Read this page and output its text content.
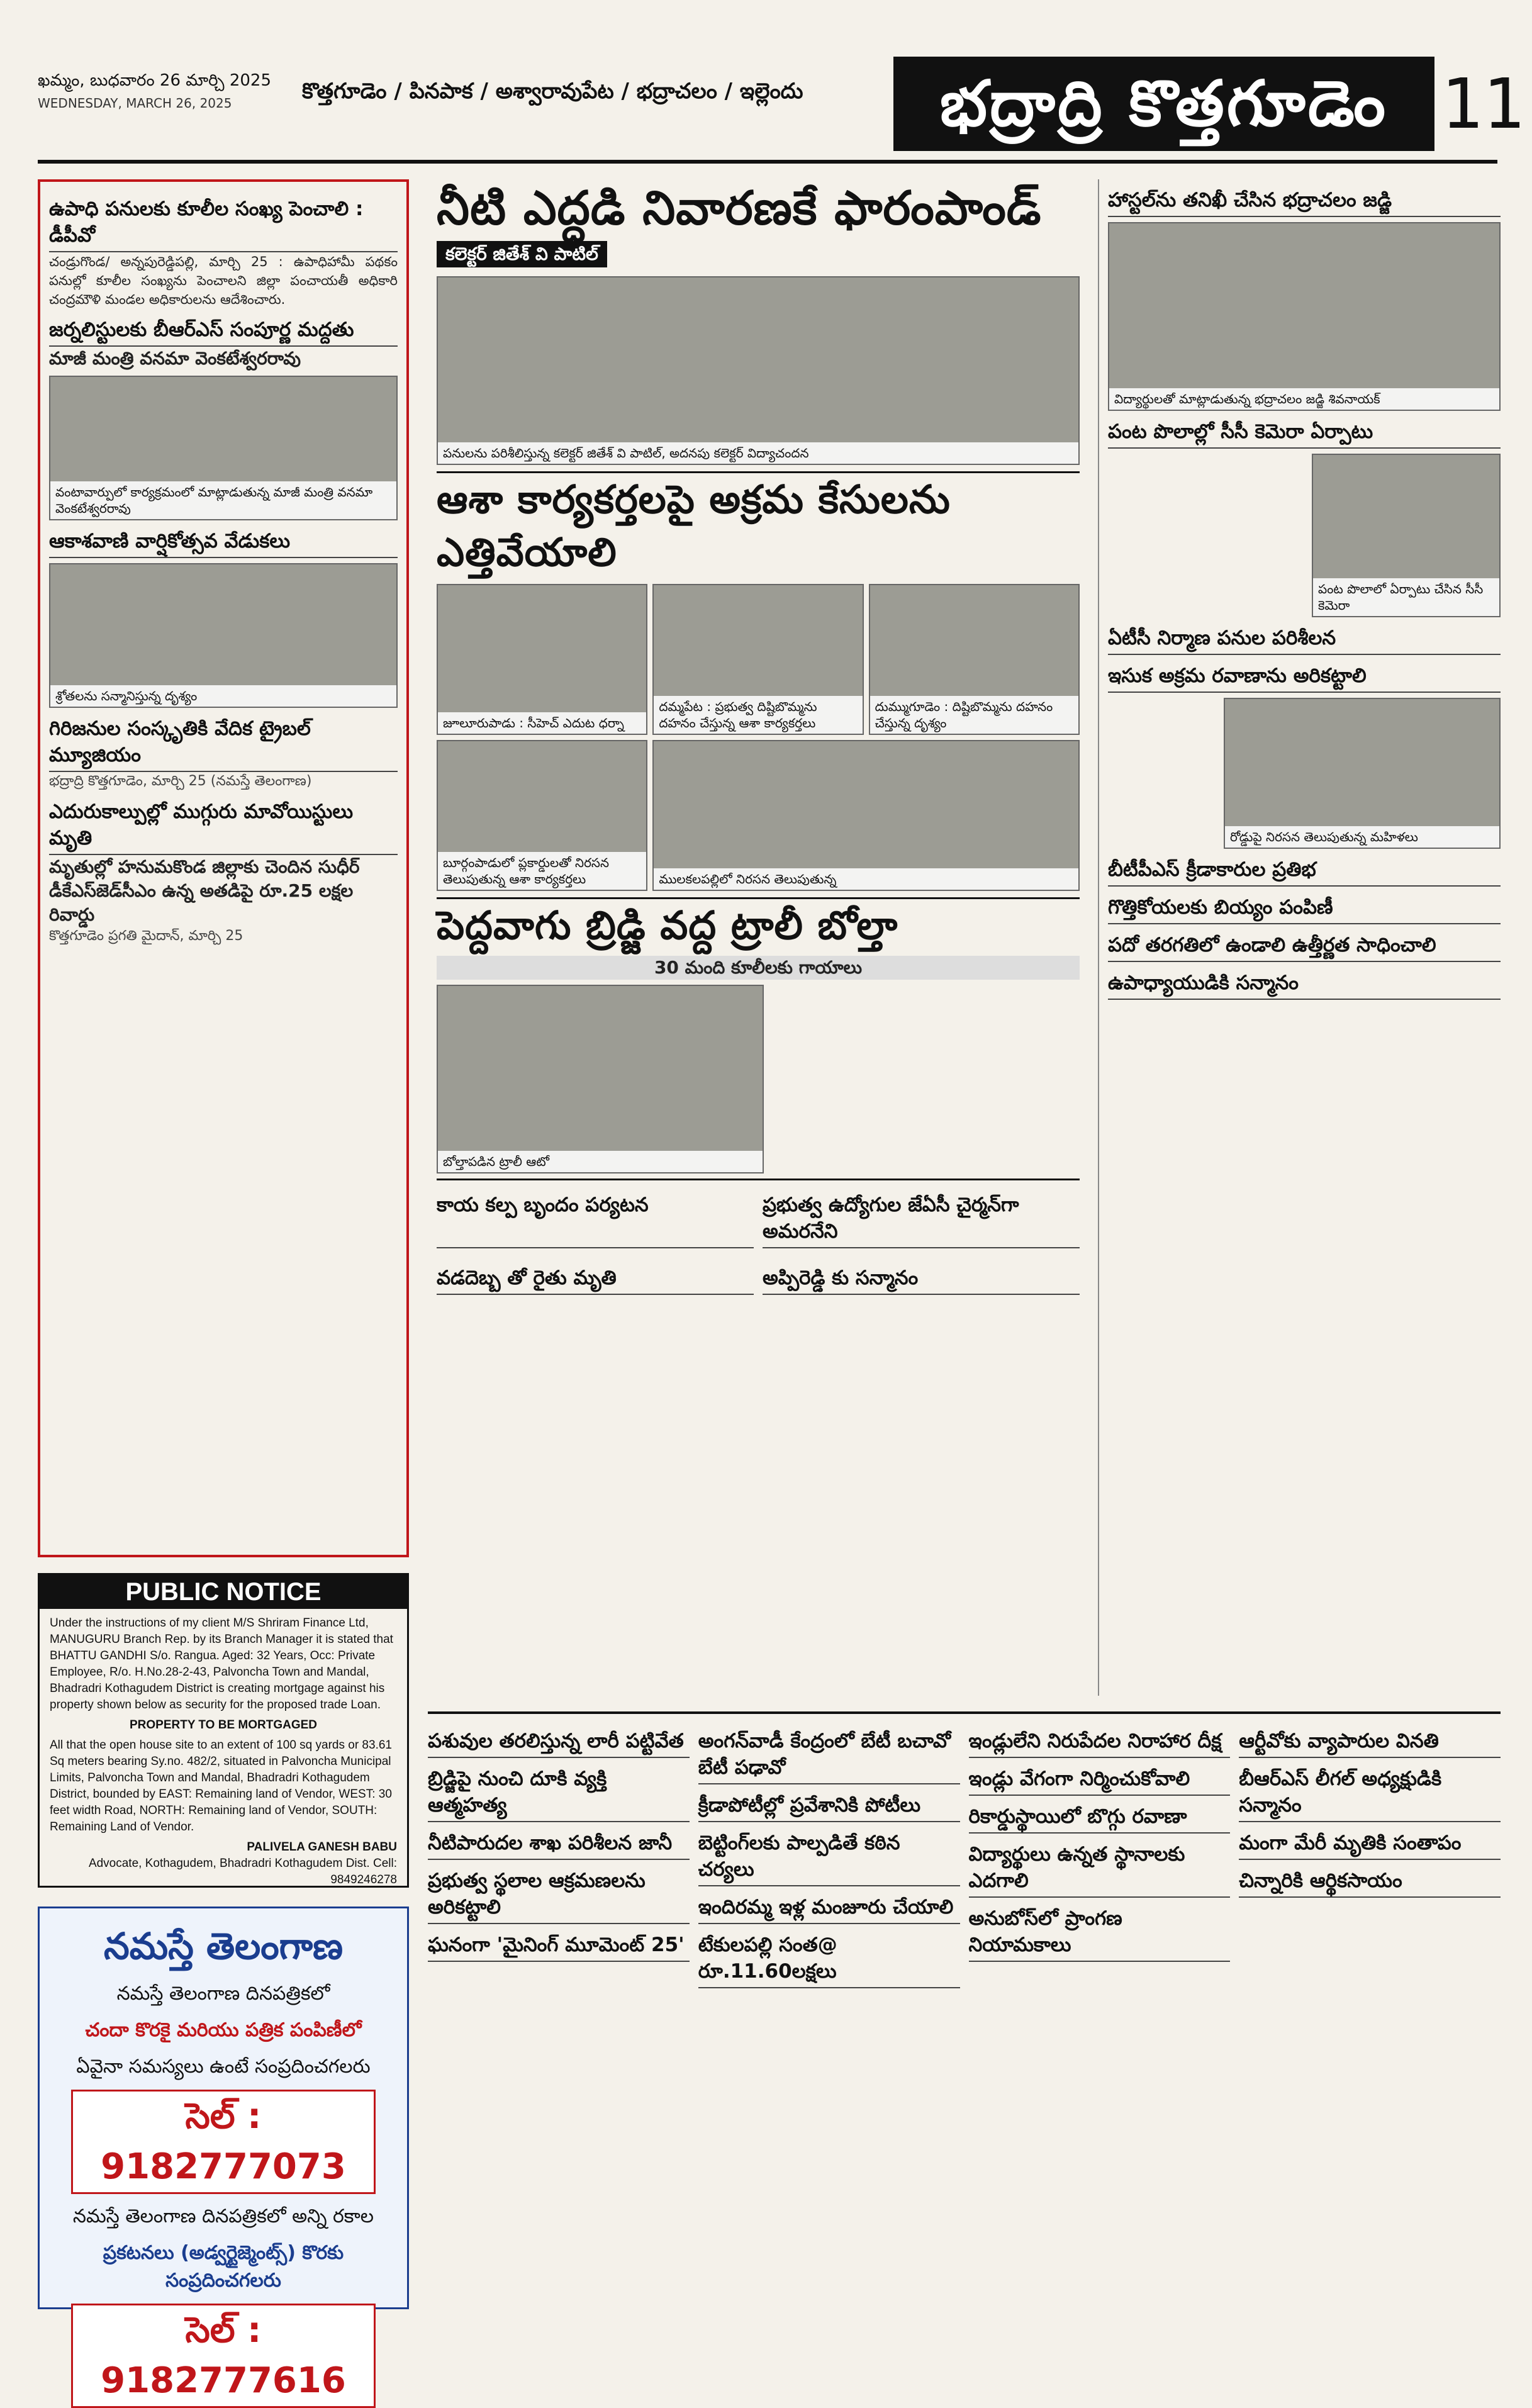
ఖమ్మం, బుధవారం 26 మార్చి 2025
WEDNESDAY, MARCH 26, 2025	కొత్తగూడెం / పినపాక / అశ్వారావుపేట / భద్రాచలం / ఇల్లెందు	భద్రాద్రి కొత్తగూడెం 11
ఉపాధి పనులకు కూలీల సంఖ్య పెంచాలి : డీపీవో

చండ్రుగొండ/ అన్నపురెడ్డిపల్లి, మార్చి 25 : ఉపాధిహామీ పథకం పనుల్లో కూలీల సంఖ్యను పెంచాలని జిల్లా పంచాయతీ అధికారి చంద్రమౌళి మండల అధికారులను ఆదేశించారు.

జర్నలిస్టులకు బీఆర్ఎస్ సంపూర్ణ మద్దతు
మాజీ మంత్రి వనమా వెంకటేశ్వరరావు
వంటావార్పులో కార్యక్రమంలో మాట్లాడుతున్న మాజీ మంత్రి వనమా వెంకటేశ్వరరావు
ఆకాశవాణి వార్షికోత్సవ వేడుకలు
శ్రోతలను సన్మానిస్తున్న దృశ్యం
గిరిజనుల సంస్కృతికి వేదిక ట్రైబల్ మ్యూజియం
భద్రాద్రి కొత్తగూడెం, మార్చి 25 (నమస్తే తెలంగాణ)
ఎదురుకాల్పుల్లో ముగ్గురు మావోయిస్టులు మృతి
మృతుల్లో హనుమకొండ జిల్లాకు చెందిన సుధీర్
డీకేఎస్‌జెడ్‌సీఎం ఉన్న అతడిపై రూ.25 లక్షల రివార్డు
కొత్తగూడెం ప్రగతి మైదాన్, మార్చి 25
PUBLIC NOTICE

Under the instructions of my client M/S Shriram Finance Ltd, MANUGURU Branch Rep. by its Branch Manager it is stated that BHATTU GANDHI S/o. Rangua. Aged: 32 Years, Occ: Private Employee, R/o. H.No.28-2-43, Palvoncha Town and Mandal, Bhadradri Kothagudem District is creating mortgage against his property shown below as security for the proposed trade Loan.

PROPERTY TO BE MORTGAGED

All that the open house site to an extent of 100 sq yards or 83.61 Sq meters bearing Sy.no. 482/2, situated in Palvoncha Municipal Limits, Palvoncha Town and Mandal, Bhadradri Kothagudem District, bounded by EAST: Remaining land of Vendor, WEST: 30 feet width Road, NORTH: Remaining land of Vendor, SOUTH: Remaining Land of Vendor.

PALIVELA GANESH BABU

Advocate, Kothagudem, Bhadradri Kothagudem Dist. Cell: 9849246278

నమస్తే తెలంగాణ
నమస్తే తెలంగాణ దినపత్రికలో
చందా కొరకై మరియు పత్రిక పంపిణీలో
ఏవైనా సమస్యలు ఉంటే సంప్రదించగలరు
సెల్ : 9182777073
నమస్తే తెలంగాణ దినపత్రికలో అన్ని రకాల
ప్రకటనలు (అడ్వర్టైజ్మెంట్స్) కొరకు సంప్రదించగలరు
సెల్ : 9182777616
నీటి ఎద్దడి నివారణకే ఫారంపాండ్
కలెక్టర్ జితేశ్ వి పాటిల్
పనులను పరిశీలిస్తున్న కలెక్టర్ జితేశ్ వి పాటిల్, అదనపు కలెక్టర్ విద్యాచందన
ఆశా కార్యకర్తలపై అక్రమ కేసులను ఎత్తివేయాలి
జూలూరుపాడు : సీహెచ్ ఎదుట ధర్నా
దమ్మపేట : ప్రభుత్వ దిష్టిబొమ్మను దహనం చేస్తున్న ఆశా కార్యకర్తలు
దుమ్ముగూడెం : దిష్టిబొమ్మను దహనం చేస్తున్న దృశ్యం
బూర్గంపాడులో ప్లకార్డులతో నిరసన తెలుపుతున్న ఆశా కార్యకర్తలు	ములకలపల్లిలో నిరసన తెలుపుతున్న
పెద్దవాగు బ్రిడ్జి వద్ద ట్రాలీ బోల్తా
30 మంది కూలీలకు గాయాలు
బోల్తాపడిన ట్రాలీ ఆటో
కాయ కల్ప బృందం పర్యటన	ప్రభుత్వ ఉద్యోగుల జేఏసీ చైర్మన్‌గా అమరనేని
వడదెబ్బ తో రైతు మృతి	అప్పిరెడ్డి కు సన్మానం
హాస్టల్‌ను తనిఖీ చేసిన భద్రాచలం జడ్జి
విద్యార్థులతో మాట్లాడుతున్న భద్రాచలం జడ్జి శివనాయక్
పంట పొలాల్లో సీసీ కెమెరా ఏర్పాటు
పంట పొలాలో ఏర్పాటు చేసిన సీసీ కెమెరా
ఏటీసీ నిర్మాణ పనుల పరిశీలన
ఇసుక అక్రమ రవాణాను అరికట్టాలి
రోడ్డుపై నిరసన తెలుపుతున్న మహిళలు
బీటీపీఎస్ క్రీడాకారుల ప్రతిభ
గొత్తికోయలకు బియ్యం పంపిణీ
పదో తరగతిలో ఉండాలి ఉత్తీర్ణత సాధించాలి
ఉపాధ్యాయుడికి సన్మానం
పశువుల తరలిస్తున్న లారీ పట్టివేత
బ్రిడ్జిపై నుంచి దూకి వ్యక్తి ఆత్మహత్య
నీటిపారుదల శాఖ పరిశీలన జానీ
ప్రభుత్వ స్థలాల ఆక్రమణలను అరికట్టాలి
ఘనంగా 'మైనింగ్ మూమెంట్ 25'
అంగన్‌వాడీ కేంద్రంలో బేటీ బచావో బేటీ పఢావో
క్రీడాపోటీల్లో ప్రవేశానికి పోటీలు
బెట్టింగ్‌లకు పాల్పడితే కఠిన చర్యలు
ఇందిరమ్మ ఇళ్ల మంజూరు చేయాలి
టేకులపల్లి సంత@ రూ.11.60లక్షలు
ఇండ్లులేని నిరుపేదల నిరాహార దీక్ష
ఇండ్లు వేగంగా నిర్మించుకోవాలి
రికార్డుస్థాయిలో బొగ్గు రవాణా
విద్యార్థులు ఉన్నత స్థానాలకు ఎదగాలి
అనుబోస్‌లో ప్రాంగణ నియామకాలు
ఆర్టీవోకు వ్యాపారుల వినతి
బీఆర్ఎస్ లీగల్ అధ్యక్షుడికి సన్మానం
మంగా మేరీ మృతికి సంతాపం
చిన్నారికి ఆర్థికసాయం
